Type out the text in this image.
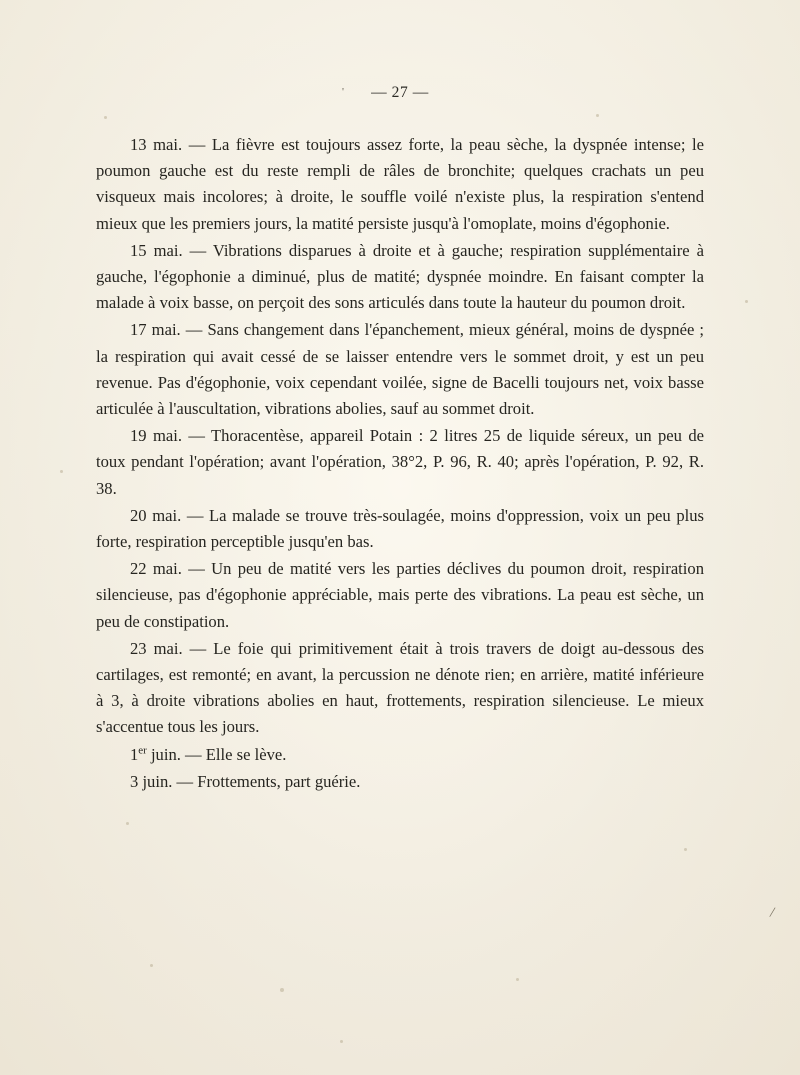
' — 27 —

13 mai. — La fièvre est toujours assez forte, la peau sèche, la dyspnée intense; le poumon gauche est du reste rempli de râles de bronchite; quelques crachats un peu visqueux mais incolores; à droite, le souffle voilé n'existe plus, la respiration s'entend mieux que les premiers jours, la matité persiste jusqu'à l'omoplate, moins d'égophonie.

15 mai. — Vibrations disparues à droite et à gauche; respiration supplémentaire à gauche, l'égophonie a diminué, plus de matité; dyspnée moindre. En faisant compter la malade à voix basse, on perçoit des sons articulés dans toute la hauteur du poumon droit.

17 mai. — Sans changement dans l'épanchement, mieux général, moins de dyspnée ; la respiration qui avait cessé de se laisser entendre vers le sommet droit, y est un peu revenue. Pas d'égophonie, voix cependant voilée, signe de Bacelli toujours net, voix basse articulée à l'auscultation, vibrations abolies, sauf au sommet droit.

19 mai. — Thoracentèse, appareil Potain : 2 litres 25 de liquide séreux, un peu de toux pendant l'opération; avant l'opération, 38°2, P. 96, R. 40; après l'opération, P. 92, R. 38.

20 mai. — La malade se trouve très-soulagée, moins d'oppression, voix un peu plus forte, respiration perceptible jusqu'en bas.

22 mai. — Un peu de matité vers les parties déclives du poumon droit, respiration silencieuse, pas d'égophonie appréciable, mais perte des vibrations. La peau est sèche, un peu de constipation.

23 mai. — Le foie qui primitivement était à trois travers de doigt au-dessous des cartilages, est remonté; en avant, la percussion ne dénote rien; en arrière, matité inférieure à 3, à droite vibrations abolies en haut, frottements, respiration silencieuse. Le mieux s'accentue tous les jours.

1er juin. — Elle se lève.

3 juin. — Frottements, part guérie.

/
